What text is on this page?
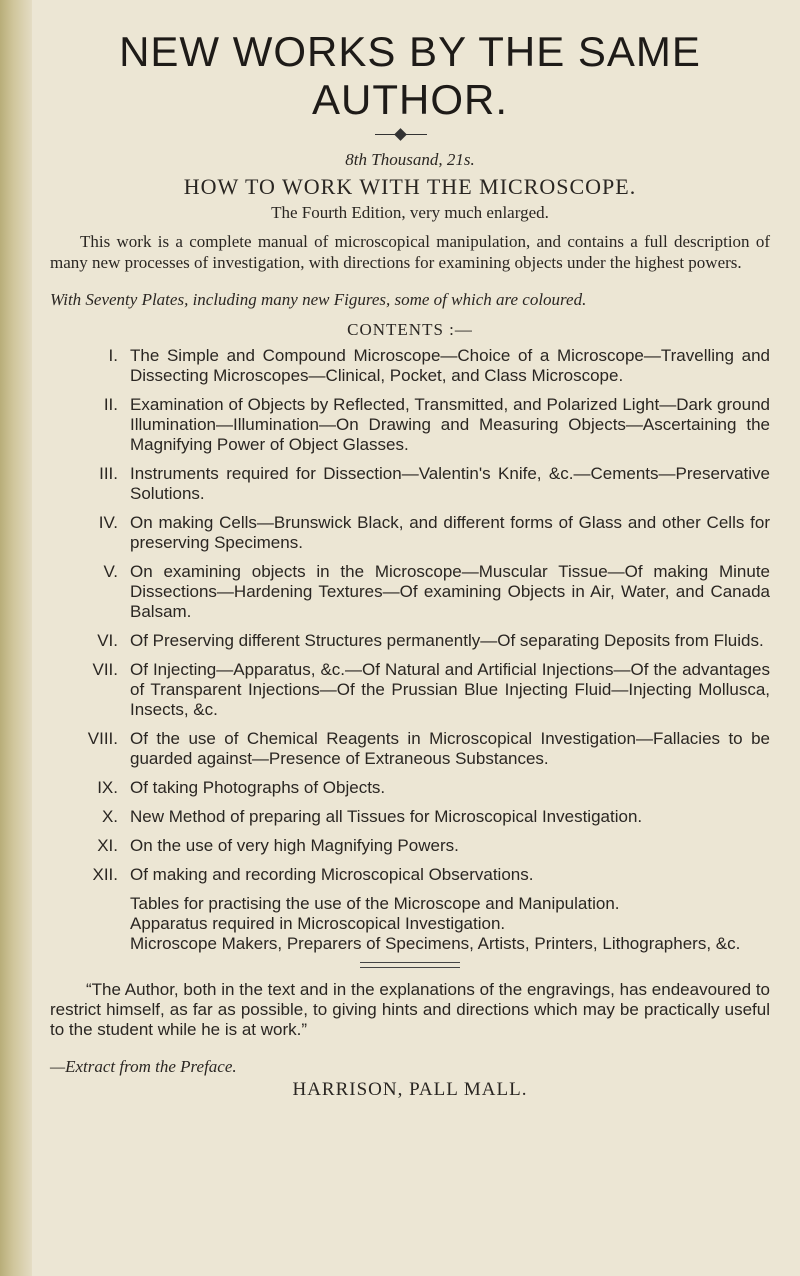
NEW WORKS BY THE SAME AUTHOR.
8th Thousand, 21s.
HOW TO WORK WITH THE MICROSCOPE.
The Fourth Edition, very much enlarged.

This work is a complete manual of microscopical manipulation, and contains a full description of many new processes of investigation, with directions for examining objects under the highest powers.

With Seventy Plates, including many new Figures, some of which are coloured.
CONTENTS :—
I. The Simple and Compound Microscope—Choice of a Microscope—Travelling and Dissecting Microscopes—Clinical, Pocket, and Class Microscope.
II. Examination of Objects by Reflected, Transmitted, and Polarized Light—Dark ground Illumination—Illumination—On Drawing and Measuring Objects—Ascertaining the Magnifying Power of Object Glasses.
III. Instruments required for Dissection—Valentin's Knife, &c.—Cements—Preservative Solutions.
IV. On making Cells—Brunswick Black, and different forms of Glass and other Cells for preserving Specimens.
V. On examining objects in the Microscope—Muscular Tissue—Of making Minute Dissections—Hardening Textures—Of examining Objects in Air, Water, and Canada Balsam.
VI. Of Preserving different Structures permanently—Of separating Deposits from Fluids.
VII. Of Injecting—Apparatus, &c.—Of Natural and Artificial Injections—Of the advantages of Transparent Injections—Of the Prussian Blue Injecting Fluid—Injecting Mollusca, Insects, &c.
VIII. Of the use of Chemical Reagents in Microscopical Investigation—Fallacies to be guarded against—Presence of Extraneous Substances.
IX. Of taking Photographs of Objects.
X. New Method of preparing all Tissues for Microscopical Investigation.
XI. On the use of very high Magnifying Powers.
XII. Of making and recording Microscopical Observations.
Tables for practising the use of the Microscope and Manipulation.
Apparatus required in Microscopical Investigation.
Microscope Makers, Preparers of Specimens, Artists, Printers, Lithographers, &c.

“The Author, both in the text and in the explanations of the engravings, has endeavoured to restrict himself, as far as possible, to giving hints and directions which may be practically useful to the student while he is at work.”

—Extract from the Preface.
HARRISON, PALL MALL.
